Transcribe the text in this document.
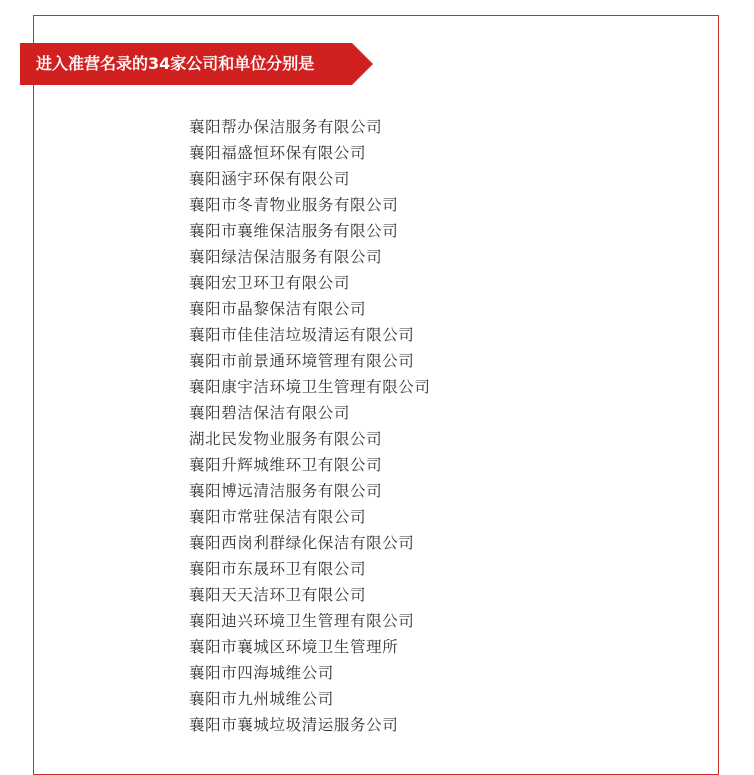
进入准营名录的34家公司和单位分别是
襄阳帮办保洁服务有限公司
襄阳福盛恒环保有限公司
襄阳涵宇环保有限公司
襄阳市冬青物业服务有限公司
襄阳市襄维保洁服务有限公司
襄阳绿洁保洁服务有限公司
襄阳宏卫环卫有限公司
襄阳市晶黎保洁有限公司
襄阳市佳佳洁垃圾清运有限公司
襄阳市前景通环境管理有限公司
襄阳康宇洁环境卫生管理有限公司
襄阳碧洁保洁有限公司
湖北民发物业服务有限公司
襄阳升辉城维环卫有限公司
襄阳博远清洁服务有限公司
襄阳市常驻保洁有限公司
襄阳西岗利群绿化保洁有限公司
襄阳市东晟环卫有限公司
襄阳天天洁环卫有限公司
襄阳迪兴环境卫生管理有限公司
襄阳市襄城区环境卫生管理所
襄阳市四海城维公司
襄阳市九州城维公司
襄阳市襄城垃圾清运服务公司
